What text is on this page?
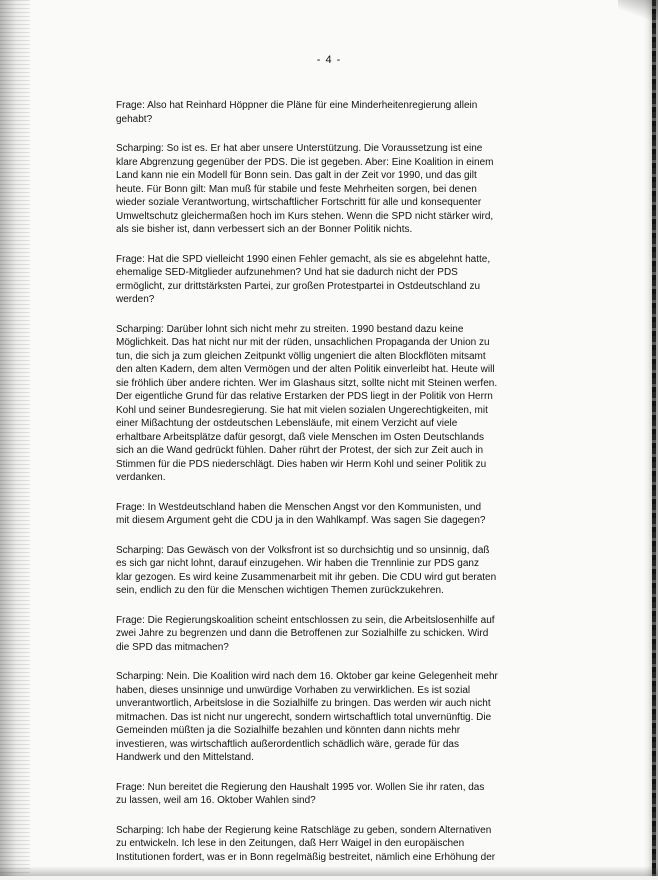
- 4 -

Frage: Also hat Reinhard Höppner die Pläne für eine Minderheitenregierung allein
gehabt?

Scharping: So ist es. Er hat aber unsere Unterstützung. Die Voraussetzung ist eine
klare Abgrenzung gegenüber der PDS. Die ist gegeben. Aber: Eine Koalition in einem
Land kann nie ein Modell für Bonn sein. Das galt in der Zeit vor 1990, und das gilt
heute. Für Bonn gilt: Man muß für stabile und feste Mehrheiten sorgen, bei denen
wieder soziale Verantwortung, wirtschaftlicher Fortschritt für alle und konsequenter
Umweltschutz gleichermaßen hoch im Kurs stehen. Wenn die SPD nicht stärker wird,
als sie bisher ist, dann verbessert sich an der Bonner Politik nichts.

Frage: Hat die SPD vielleicht 1990 einen Fehler gemacht, als sie es abgelehnt hatte,
ehemalige SED-Mitglieder aufzunehmen? Und hat sie dadurch nicht der PDS
ermöglicht, zur drittstärksten Partei, zur großen Protestpartei in Ostdeutschland zu
werden?

Scharping: Darüber lohnt sich nicht mehr zu streiten. 1990 bestand dazu keine
Möglichkeit. Das hat nicht nur mit der rüden, unsachlichen Propaganda der Union zu
tun, die sich ja zum gleichen Zeitpunkt völlig ungeniert die alten Blockflöten mitsamt
den alten Kadern, dem alten Vermögen und der alten Politik einverleibt hat. Heute will
sie fröhlich über andere richten. Wer im Glashaus sitzt, sollte nicht mit Steinen werfen.
Der eigentliche Grund für das relative Erstarken der PDS liegt in der Politik von Herrn
Kohl und seiner Bundesregierung. Sie hat mit vielen sozialen Ungerechtigkeiten, mit
einer Mißachtung der ostdeutschen Lebensläufe, mit einem Verzicht auf viele
erhaltbare Arbeitsplätze dafür gesorgt, daß viele Menschen im Osten Deutschlands
sich an die Wand gedrückt fühlen. Daher rührt der Protest, der sich zur Zeit auch in
Stimmen für die PDS niederschlägt. Dies haben wir Herrn Kohl und seiner Politik zu
verdanken.

Frage: In Westdeutschland haben die Menschen Angst vor den Kommunisten, und
mit diesem Argument geht die CDU ja in den Wahlkampf. Was sagen Sie dagegen?

Scharping: Das Gewäsch von der Volksfront ist so durchsichtig und so unsinnig, daß
es sich gar nicht lohnt, darauf einzugehen. Wir haben die Trennlinie zur PDS ganz
klar gezogen. Es wird keine Zusammenarbeit mit ihr geben. Die CDU wird gut beraten
sein, endlich zu den für die Menschen wichtigen Themen zurückzukehren.

Frage: Die Regierungskoalition scheint entschlossen zu sein, die Arbeitslosenhilfe auf
zwei Jahre zu begrenzen und dann die Betroffenen zur Sozialhilfe zu schicken. Wird
die SPD das mitmachen?

Scharping: Nein. Die Koalition wird nach dem 16. Oktober gar keine Gelegenheit mehr
haben, dieses unsinnige und unwürdige Vorhaben zu verwirklichen. Es ist sozial
unverantwortlich, Arbeitslose in die Sozialhilfe zu bringen. Das werden wir auch nicht
mitmachen. Das ist nicht nur ungerecht, sondern wirtschaftlich total unvernünftig. Die
Gemeinden müßten ja die Sozialhilfe bezahlen und könnten dann nichts mehr
investieren, was wirtschaftlich außerordentlich schädlich wäre, gerade für das
Handwerk und den Mittelstand.

Frage: Nun bereitet die Regierung den Haushalt 1995 vor. Wollen Sie ihr raten, das
zu lassen, weil am 16. Oktober Wahlen sind?

Scharping: Ich habe der Regierung keine Ratschläge zu geben, sondern Alternativen
zu entwickeln. Ich lese in den Zeitungen, daß Herr Waigel in den europäischen
Institutionen fordert, was er in Bonn regelmäßig bestreitet, nämlich eine Erhöhung der
